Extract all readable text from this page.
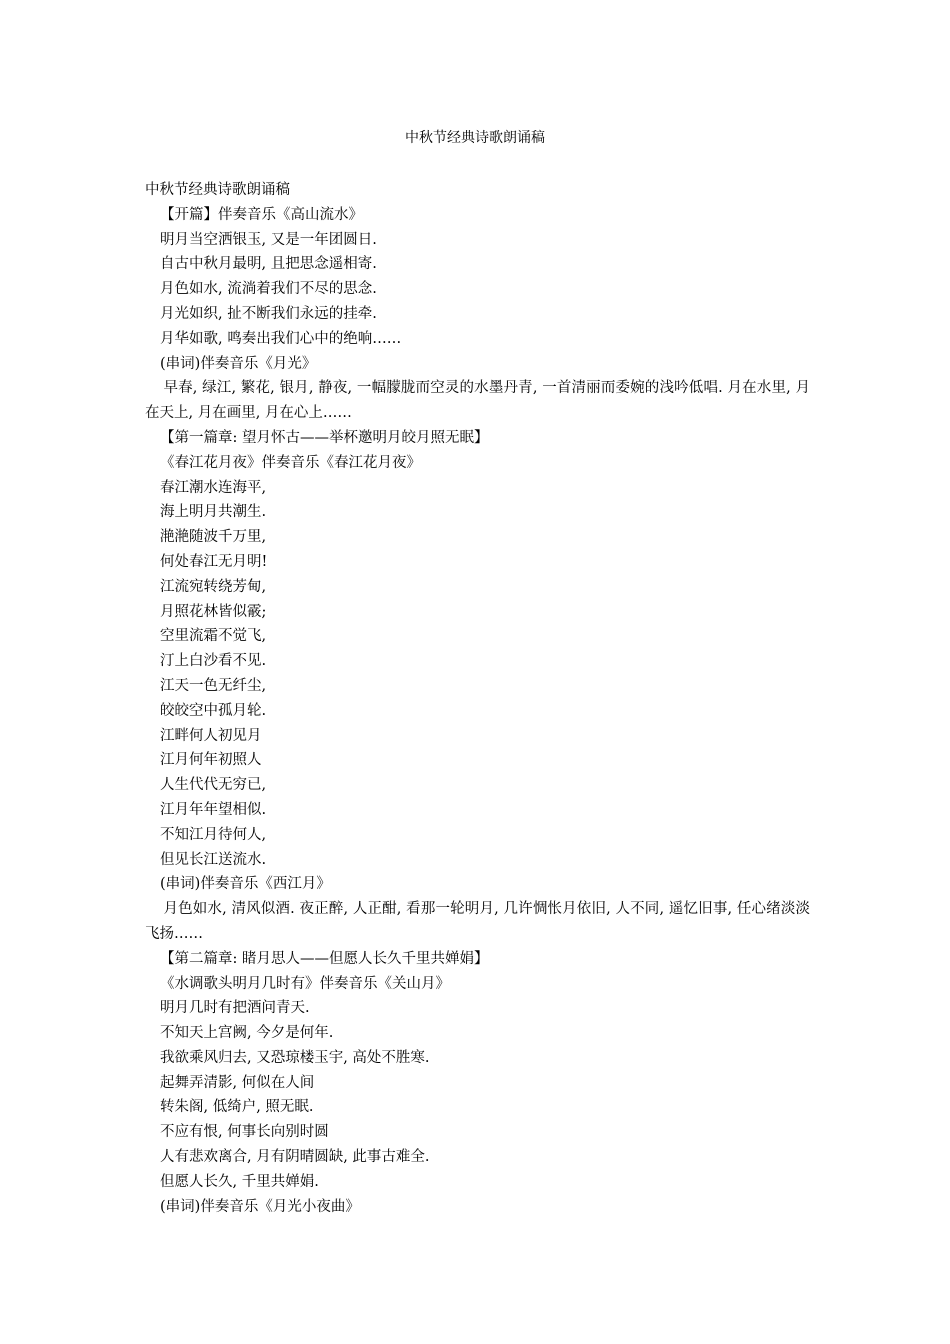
中秋节经典诗歌朗诵稿
中秋节经典诗歌朗诵稿
【开篇】伴奏音乐《高山流水》
明月当空洒银玉, 又是一年团圆日.
自古中秋月最明, 且把思念遥相寄.
月色如水, 流淌着我们不尽的思念.
月光如织, 扯不断我们永远的挂牵.
月华如歌, 鸣奏出我们心中的绝响……
(串词)伴奏音乐《月光》
早春, 绿江, 繁花, 银月, 静夜, 一幅朦胧而空灵的水墨丹青, 一首清丽而委婉的浅吟低唱. 月在水里, 月在天上, 月在画里, 月在心上……
【第一篇章: 望月怀古——举杯邀明月皎月照无眠】
《春江花月夜》伴奏音乐《春江花月夜》
春江潮水连海平,
海上明月共潮生.
滟滟随波千万里,
何处春江无月明!
江流宛转绕芳甸,
月照花林皆似霰;
空里流霜不觉飞,
汀上白沙看不见.
江天一色无纤尘,
皎皎空中孤月轮.
江畔何人初见月
江月何年初照人
人生代代无穷已,
江月年年望相似.
不知江月待何人,
但见长江送流水.
(串词)伴奏音乐《西江月》
月色如水, 清风似酒. 夜正醉, 人正酣, 看那一轮明月, 几许惆怅月依旧, 人不同, 遥忆旧事, 任心绪淡淡飞扬……
【第二篇章: 睹月思人——但愿人长久千里共婵娟】
《水调歌头明月几时有》伴奏音乐《关山月》
明月几时有把酒问青天.
不知天上宫阙, 今夕是何年.
我欲乘风归去, 又恐琼楼玉宇, 高处不胜寒.
起舞弄清影, 何似在人间
转朱阁, 低绮户, 照无眠.
不应有恨, 何事长向别时圆
人有悲欢离合, 月有阴晴圆缺, 此事古难全.
但愿人长久, 千里共婵娟.
(串词)伴奏音乐《月光小夜曲》
